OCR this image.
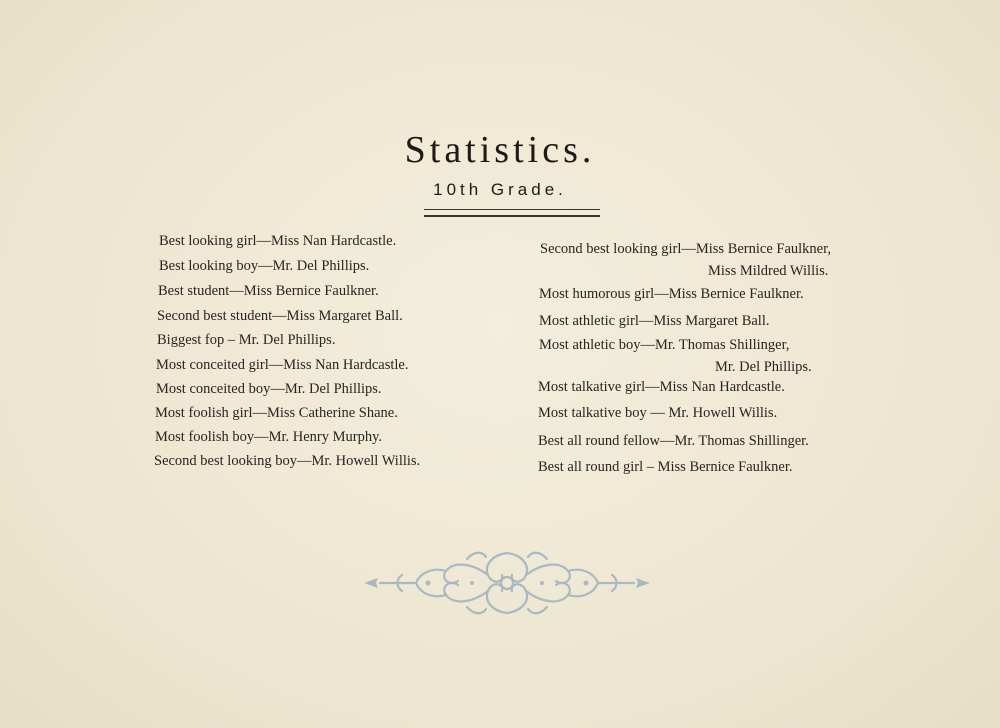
Statistics.
10th Grade.
Best looking girl—Miss Nan Hardcastle.
Best looking boy—Mr. Del Phillips.
Best student—Miss Bernice Faulkner.
Second best student—Miss Margaret Ball.
Biggest fop – Mr. Del Phillips.
Most conceited girl—Miss Nan Hardcastle.
Most conceited boy—Mr. Del Phillips.
Most foolish girl—Miss Catherine Shane.
Most foolish boy—Mr. Henry Murphy.
Second best looking boy—Mr. Howell Willis.
Second best looking girl—Miss Bernice Faulkner,
Miss Mildred Willis.
Most humorous girl—Miss Bernice Faulkner.
Most athletic girl—Miss Margaret Ball.
Most athletic boy—Mr. Thomas Shillinger,
Mr. Del Phillips.
Most talkative girl—Miss Nan Hardcastle.
Most talkative boy — Mr. Howell Willis.
Best all round fellow—Mr. Thomas Shillinger.
Best all round girl – Miss Bernice Faulkner.
